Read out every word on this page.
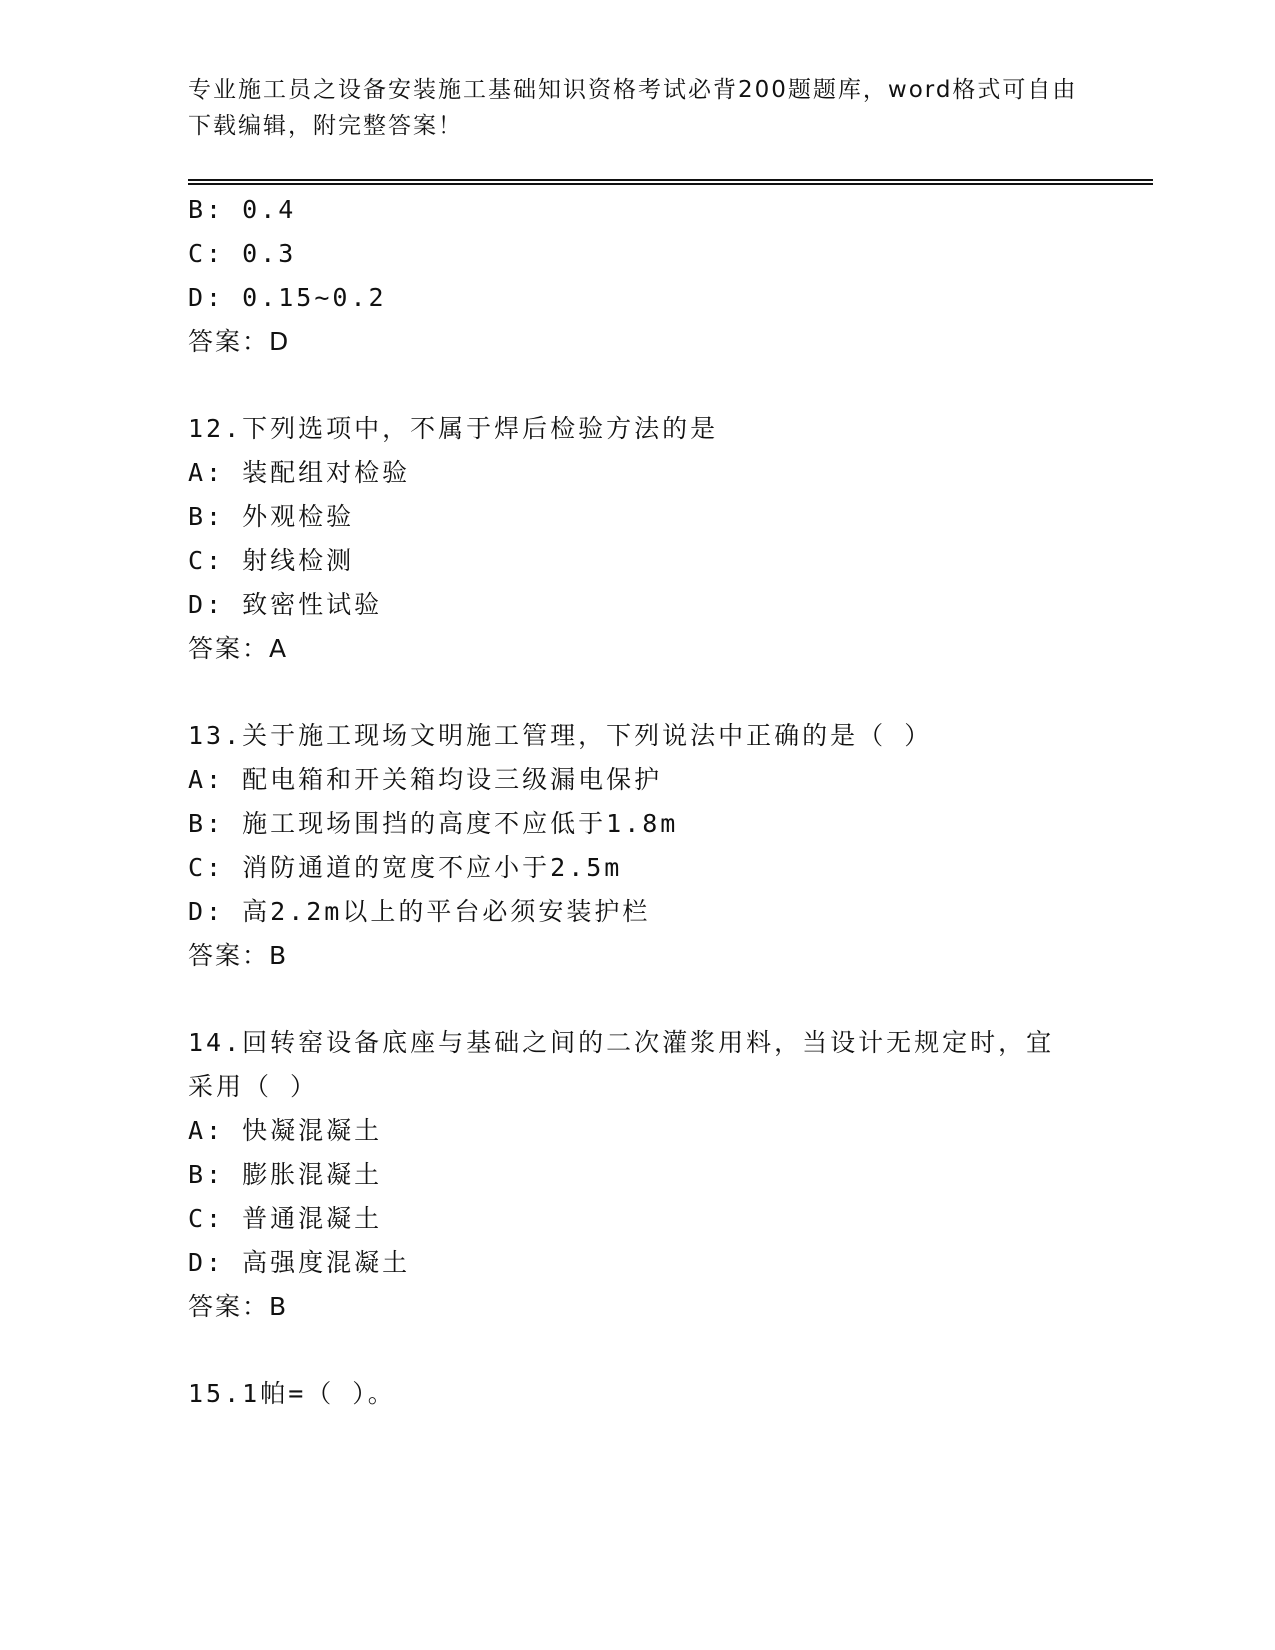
专业施工员之设备安装施工基础知识资格考试必背200题题库，word格式可自由
下载编辑，附完整答案！
B: 0.4
C: 0.3
D: 0.15~0.2
答案：D
12.下列选项中，不属于焊后检验方法的是
A: 装配组对检验
B: 外观检验
C: 射线检测
D: 致密性试验
答案：A
13.关于施工现场文明施工管理，下列说法中正确的是（ ）
A: 配电箱和开关箱均设三级漏电保护
B: 施工现场围挡的高度不应低于1.8m
C: 消防通道的宽度不应小于2.5m
D: 高2.2m以上的平台必须安装护栏
答案：B
14.回转窑设备底座与基础之间的二次灌浆用料，当设计无规定时，宜
采用（ ）
A: 快凝混凝土
B: 膨胀混凝土
C: 普通混凝土
D: 高强度混凝土
答案：B
15.1帕=（ ）。
